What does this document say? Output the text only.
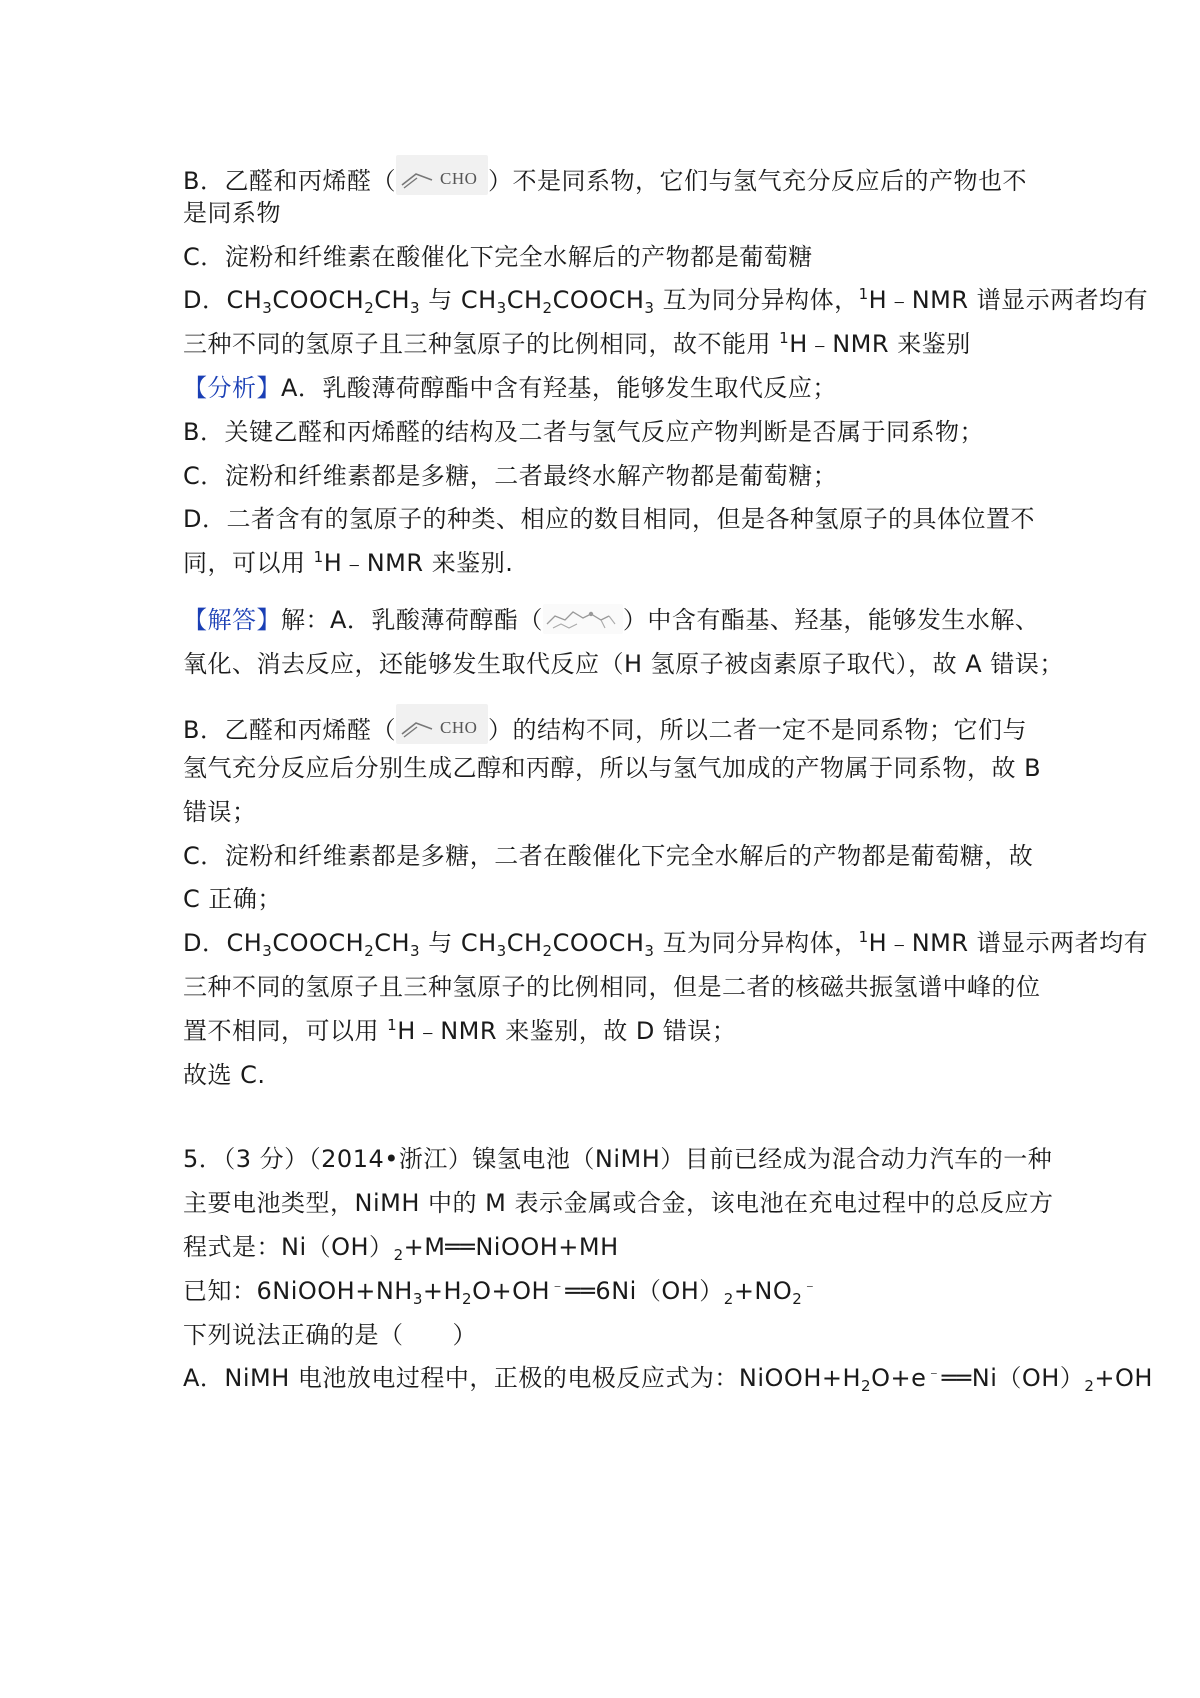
B．乙醛和丙烯醛（	CHO ）不是同系物，它们与氢气充分反应后的产物也不
是同系物
C．淀粉和纤维素在酸催化下完全水解后的产物都是葡萄糖
D．$CH_3COOCH_2CH_3$ 与 $CH_3CH_2COOCH_3$ 互为同分异构体，$^1$H﹣NMR 谱显示两者均有
三种不同的氢原子且三种氢原子的比例相同，故不能用 $^1$H﹣NMR 来鉴别
【分析】A．乳酸薄荷醇酯中含有羟基，能够发生取代反应；
B．关键乙醛和丙烯醛的结构及二者与氢气反应产物判断是否属于同系物；
C．淀粉和纤维素都是多糖，二者最终水解产物都是葡萄糖；
D．二者含有的氢原子的种类、相应的数目相同，但是各种氢原子的具体位置不
同，可以用 $^1$H﹣NMR 来鉴别.
【解答】解：A．乳酸薄荷醇酯（	）中含有酯基、羟基，能够发生水解、
氧化、消去反应，还能够发生取代反应（H 氢原子被卤素原子取代），故 A 错误；
B．乙醛和丙烯醛（	CHO ）的结构不同，所以二者一定不是同系物；它们与
氢气充分反应后分别生成乙醇和丙醇，所以与氢气加成的产物属于同系物，故 B
错误；
C．淀粉和纤维素都是多糖，二者在酸催化下完全水解后的产物都是葡萄糖，故
C 正确；
D．$CH_3COOCH_2CH_3$ 与 $CH_3CH_2COOCH_3$ 互为同分异构体，$^1$H﹣NMR 谱显示两者均有
三种不同的氢原子且三种氢原子的比例相同，但是二者的核磁共振氢谱中峰的位
置不相同，可以用 $^1$H﹣NMR 来鉴别，故 D 错误；
故选 C.
5．（3 分）（2014•浙江）镍氢电池（NiMH）目前已经成为混合动力汽车的一种
主要电池类型，NiMH 中的 M 表示金属或合金，该电池在充电过程中的总反应方
程式是：$Ni(OH)_2+M══NiOOH+MH$
已知：$6NiOOH+NH_3+H_2O+OH^﹣══6Ni(OH)_2+NO_2^﹣$
下列说法正确的是（　　）
A．NiMH 电池放电过程中，正极的电极反应式为：$NiOOH+H_2O+e^﹣══Ni(OH)_2+OH$
